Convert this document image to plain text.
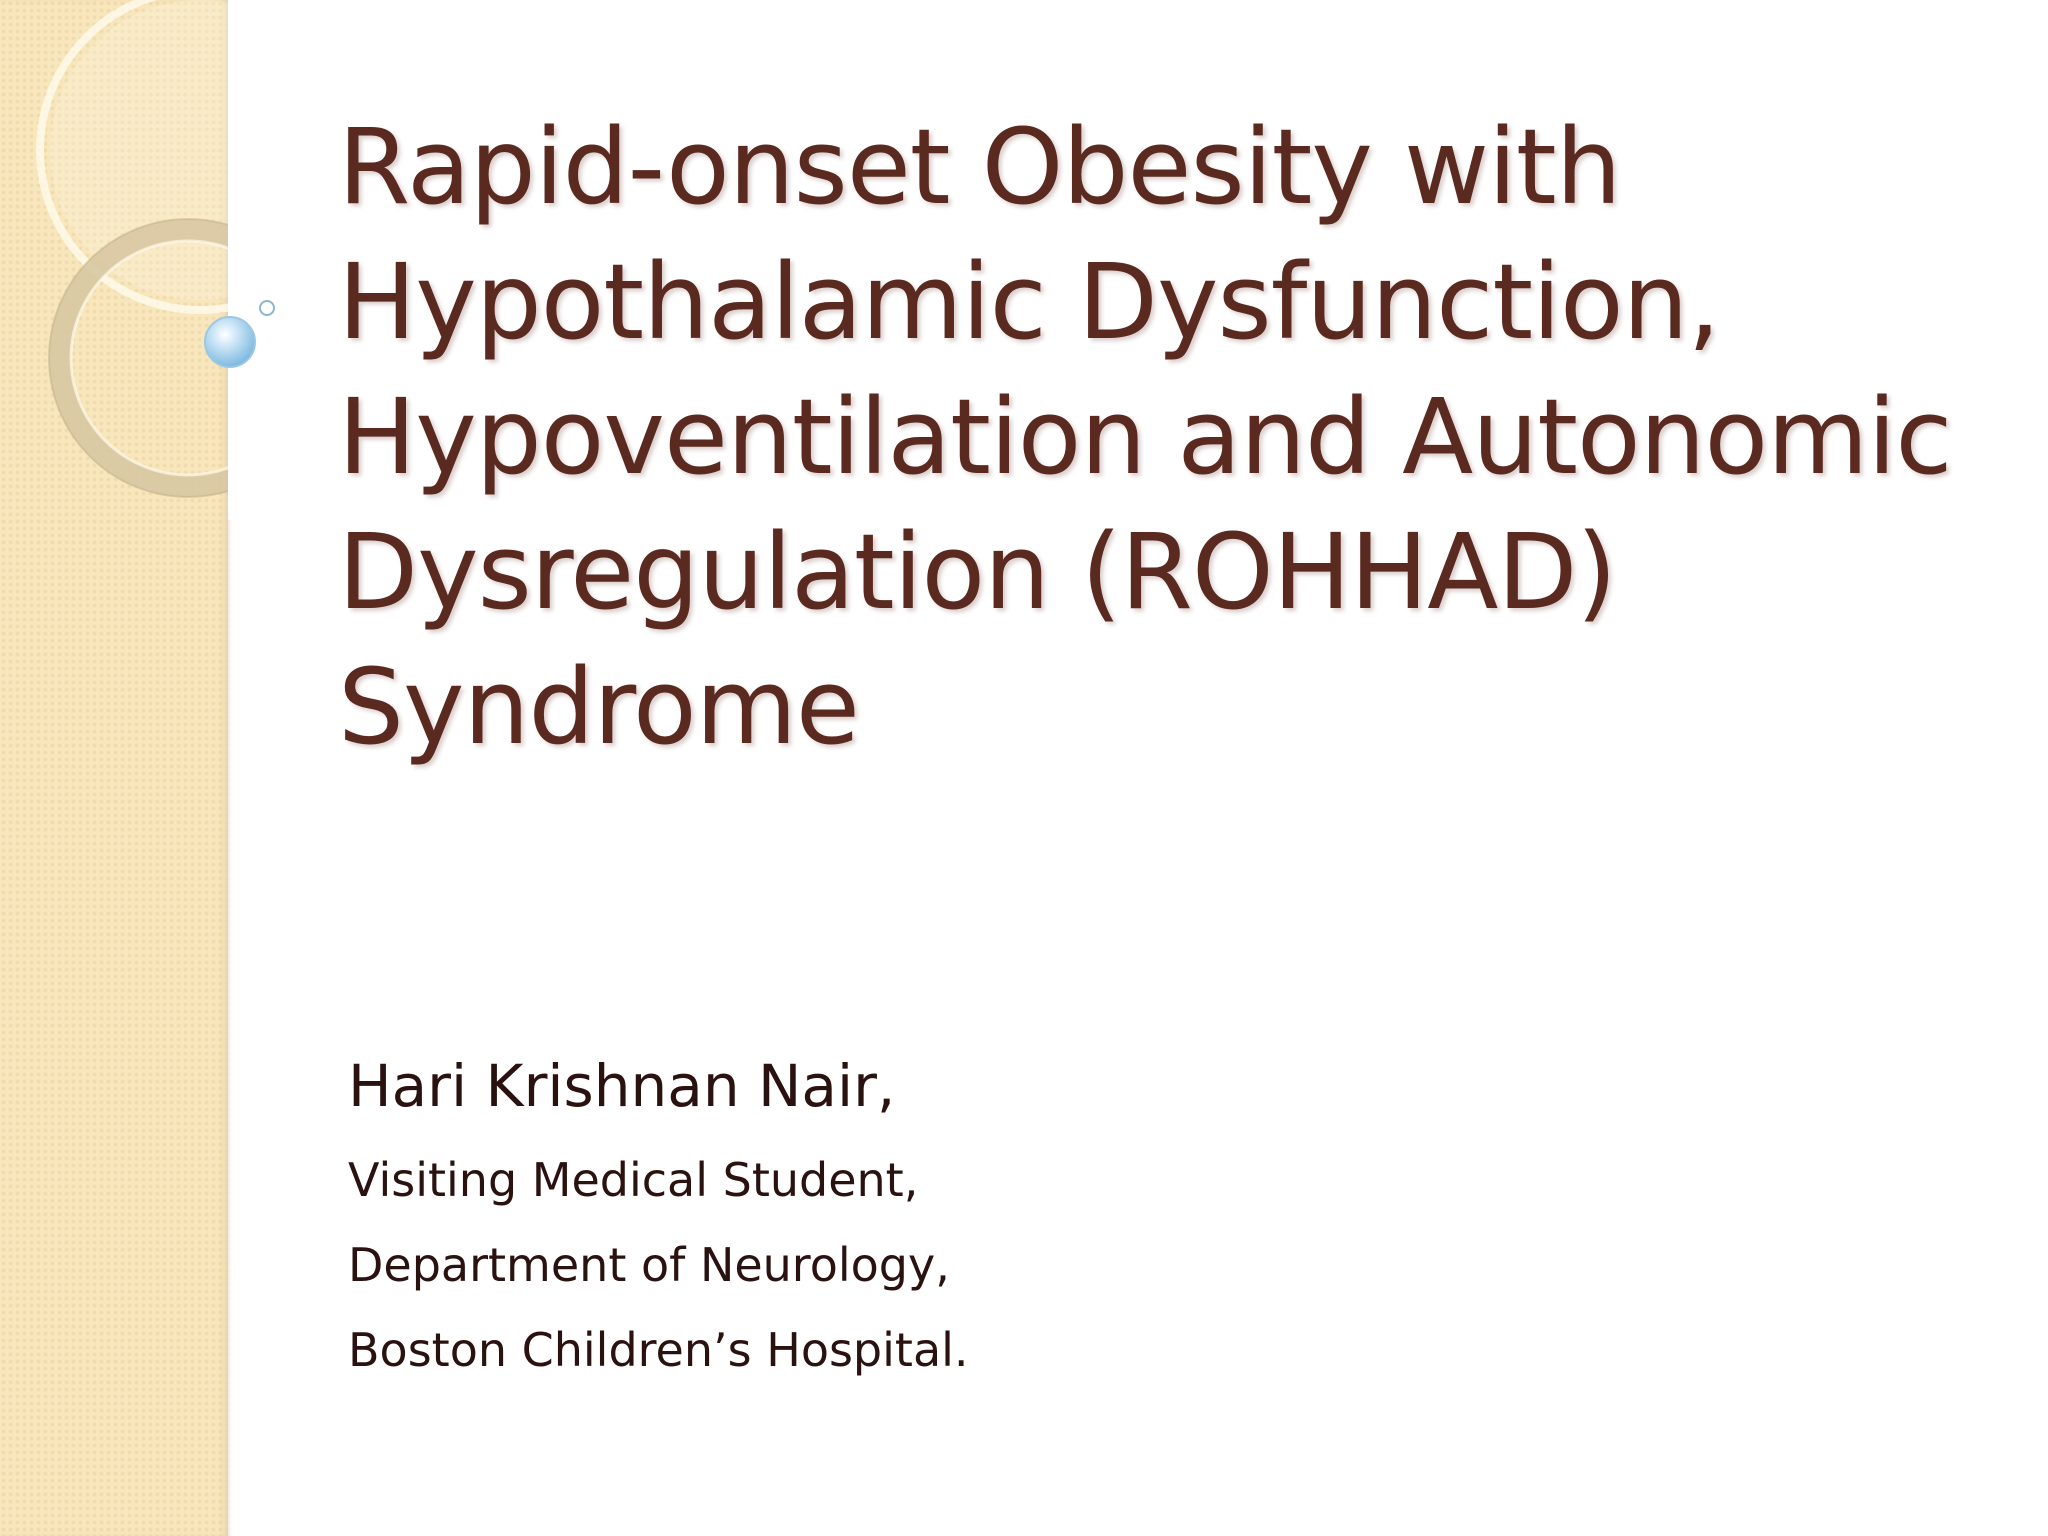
Rapid-onset Obesity with
Hypothalamic Dysfunction,
Hypoventilation and Autonomic
Dysregulation (ROHHAD)
Syndrome

Hari Krishnan Nair,

Visiting Medical Student,

Department of Neurology,

Boston Children’s Hospital.
